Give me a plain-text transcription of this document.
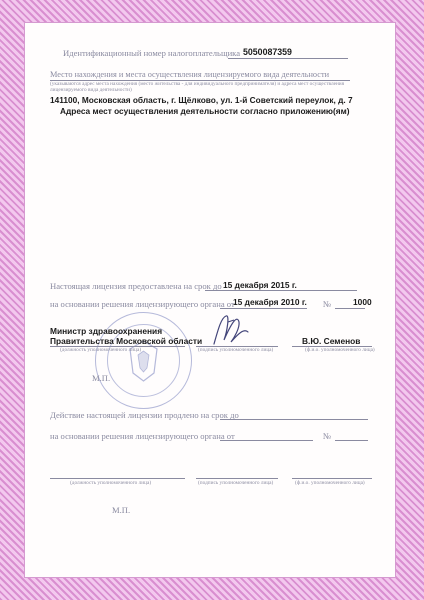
Идентификационный номер налогоплательщика 5050087359
Место нахождения и места осуществления лицензируемого вида деятельности
(указываются адрес места нахождения (место жительства - для индивидуального предпринимателя) и адреса мест осуществления лицензируемого вида деятельности)
141100, Московская область, г. Щёлково, ул. 1-й Советский переулок, д. 7
Адреса мест осуществления деятельности согласно приложению(ям)
Настоящая лицензия предоставлена на срок до 15 декабря 2015 г.
на основании решения лицензирующего органа от
15 декабря 2010 г. №	1000
Министр здравоохранения
Правительства Московской области	В.Ю. Семенов
(должность уполномоченного лица)	(подпись уполномоченного лица)	(ф.и.о. уполномоченного лица)
М.П.
Действие настоящей лицензии продлено на срок до
на основании решения лицензирующего органа от	№
(должность уполномоченного лица)	(подпись уполномоченного лица)	(ф.и.о. уполномоченного лица)
М.П.
